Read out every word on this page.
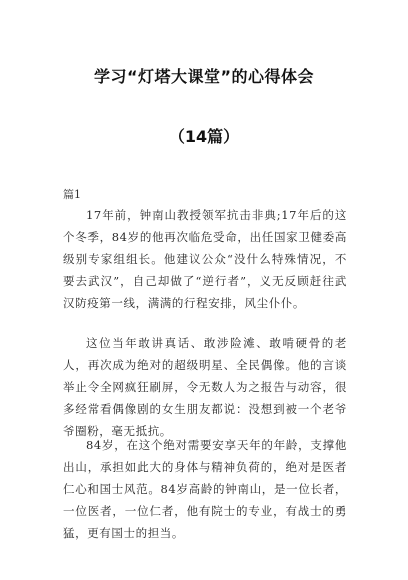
学习“灯塔大课堂”的心得体会
（14篇）
篇1

17年前，钟南山教授领军抗击非典;17年后的这个冬季，84岁的他再次临危受命，出任国家卫健委高级别专家组组长。他建议公众“没什么特殊情况，不要去武汉”，自己却做了“逆行者”，义无反顾赶往武汉防疫第一线，满满的行程安排，风尘仆仆。

这位当年敢讲真话、敢涉险滩、敢啃硬骨的老人，再次成为绝对的超级明星、全民偶像。他的言谈举止令全网疯狂刷屏，令无数人为之报告与动容，很多经常看偶像剧的女生朋友都说：没想到被一个老爷爷圈粉，毫无抵抗。

84岁，在这个绝对需要安享天年的年龄，支撑他出山，承担如此大的身体与精神负荷的，绝对是医者仁心和国士风范。84岁高龄的钟南山，是一位长者，一位医者，一位仁者，他有院士的专业，有战士的勇猛，更有国士的担当。
